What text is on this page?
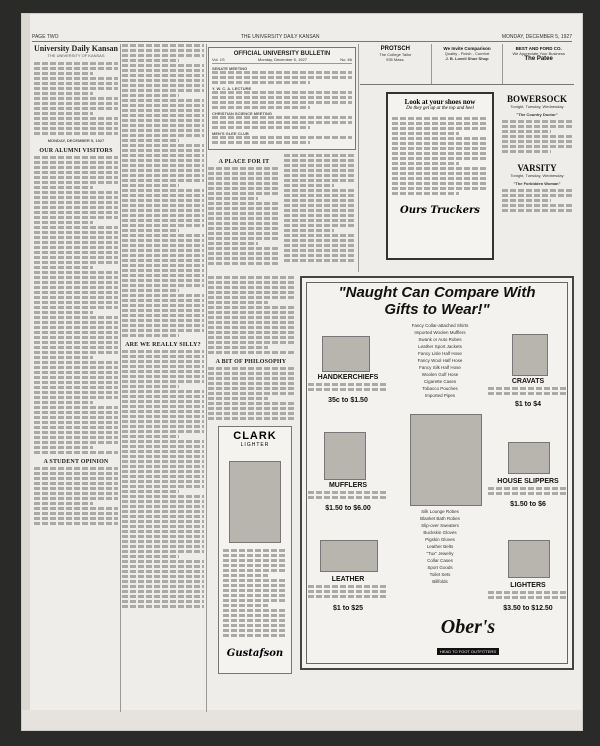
PAGE TWO	THE UNIVERSITY DAILY KANSAN	MONDAY, DECEMBER 5, 1927
University Daily Kansan
THE UNIVERSITY OF KANSAS
MONDAY, DECEMBER 5, 1927
OUR ALUMNI VISITORS
A STUDENT OPINION
ARE WE REALLY SILLY?
OFFICIAL UNIVERSITY BULLETIN
Vol. 1S	Monday, December 5, 1927	No. 66
SENATE MEETING
Y. W. C. A. LECTURE
CHRISTIAN SCIENCE MEETING
MEN'S GLEE CLUB
A PLACE FOR IT
A BIT OF PHILOSOPHY
PROTSCH
The College Tailor
935 Mass.
We Invite Comparison
Quality - Finish - Comfort
J. B. Lovell Shoe Shop
BEST AND FORD CO.
We Appreciate Your Business
The Patee
Look at your shoes now
Do they get up at the top and heel
Ours Truckers
BOWERSOCK
Tonight, Tuesday, Wednesday
"The Country Doctor"
VARSITY
Tonight, Tuesday, Wednesday
"The Forbidden Woman"
CLARK
LIGHTER
Gustafson
"Naught Can Compare With Gifts to Wear!"
Fancy Collar-attached Shirts
Imported Woolen Mufflers
Swank or Auto Robes
Leather Sport Jackets
Fancy Lisle Half Hose
Fancy Wool Half Hose
Fancy Silk Half Hose
Woolen Golf Hose
Cigarette Cases
Tobacco Pouches
Imported Pipes
HANDKERCHIEFS
35c to $1.50
CRAVATS
$1 to $4
MUFFLERS
$1.50 to $6.00
HOUSE SLIPPERS
$1.50 to $6
Silk Lounge Robes
Blanket Bath Robes
Slip-over Sweaters
Buckskin Gloves
Pigskin Gloves
Leather Belts
"Tux" Jewelry
Collar Cases
Sport Goods
Toilet Sets
Billfolds
LEATHER
$1 to $25
LIGHTERS
$3.50 to $12.50
Ober's
HEAD TO FOOT OUTFITTERS
